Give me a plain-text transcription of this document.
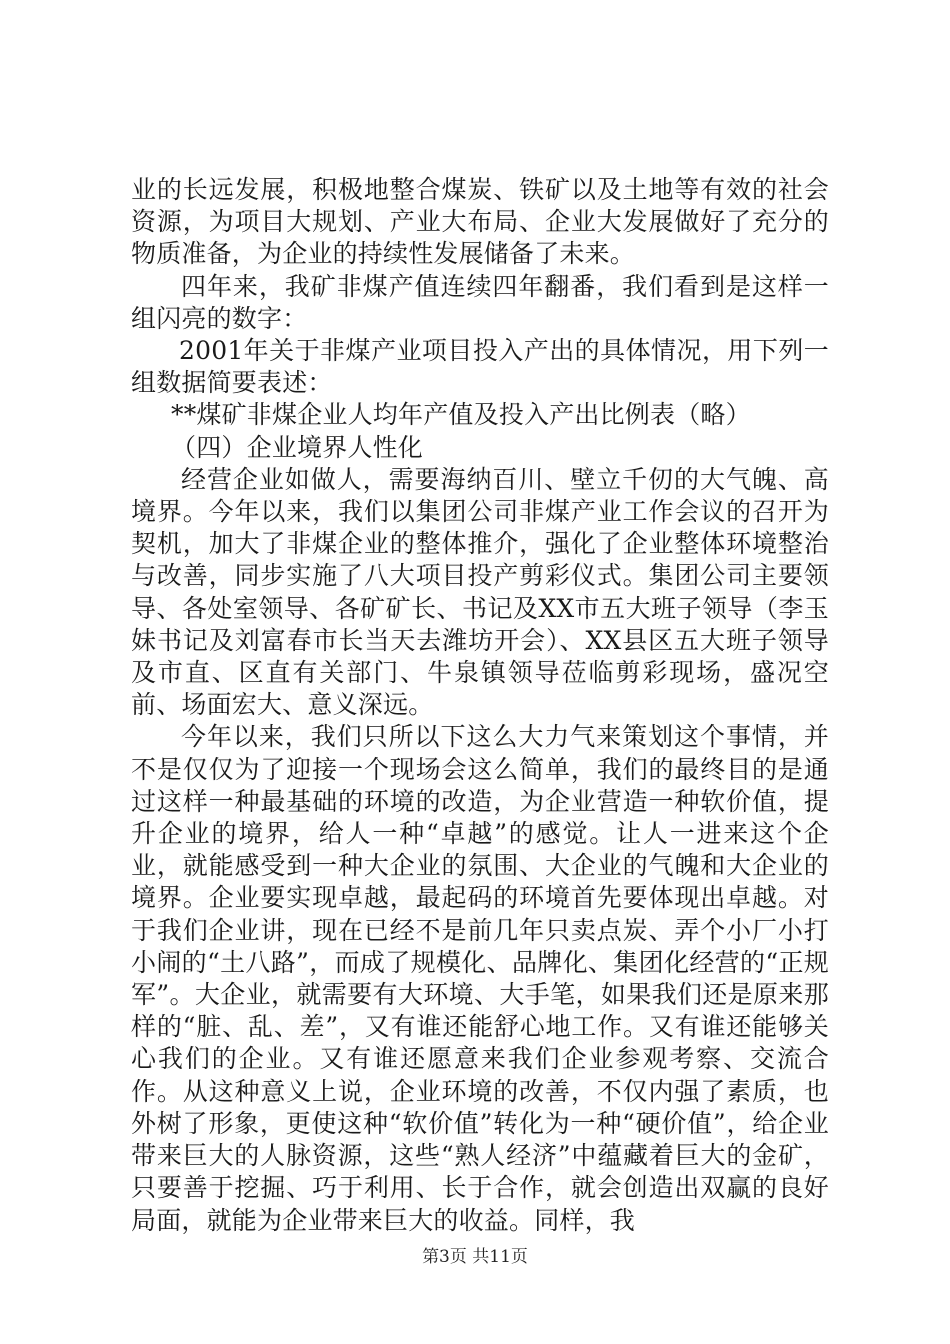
业的长远发展，积极地整合煤炭、铁矿以及土地等有效的社会资源，为项目大规划、产业大布局、企业大发展做好了充分的物质准备，为企业的持续性发展储备了未来。

四年来，我矿非煤产值连续四年翻番，我们看到是这样一组闪亮的数字：

2001年关于非煤产业项目投入产出的具体情况，用下列一组数据简要表述：

**煤矿非煤企业人均年产值及投入产出比例表（略）

（四）企业境界人性化

经营企业如做人，需要海纳百川、壁立千仞的大气魄、高境界。今年以来，我们以集团公司非煤产业工作会议的召开为契机，加大了非煤企业的整体推介，强化了企业整体环境整治与改善，同步实施了八大项目投产剪彩仪式。集团公司主要领导、各处室领导、各矿矿长、书记及XX市五大班子领导（李玉妹书记及刘富春市长当天去潍坊开会）、XX县区五大班子领导及市直、区直有关部门、牛泉镇领导莅临剪彩现场，盛况空前、场面宏大、意义深远。

今年以来，我们只所以下这么大力气来策划这个事情，并不是仅仅为了迎接一个现场会这么简单，我们的最终目的是通过这样一种最基础的环境的改造，为企业营造一种软价值，提升企业的境界，给人一种“卓越”的感觉。让人一进来这个企业，就能感受到一种大企业的氛围、大企业的气魄和大企业的境界。企业要实现卓越，最起码的环境首先要体现出卓越。对于我们企业讲，现在已经不是前几年只卖点炭、弄个小厂小打小闹的“土八路”，而成了规模化、品牌化、集团化经营的“正规军”。大企业，就需要有大环境、大手笔，如果我们还是原来那样的“脏、乱、差”，又有谁还能舒心地工作。又有谁还能够关心我们的企业。又有谁还愿意来我们企业参观考察、交流合作。从这种意义上说，企业环境的改善，不仅内强了素质，也外树了形象，更使这种“软价值”转化为一种“硬价值”，给企业带来巨大的人脉资源，这些“熟人经济”中蕴藏着巨大的金矿，只要善于挖掘、巧于利用、长于合作，就会创造出双赢的良好局面，就能为企业带来巨大的收益。同样，我

第3页 共11页
